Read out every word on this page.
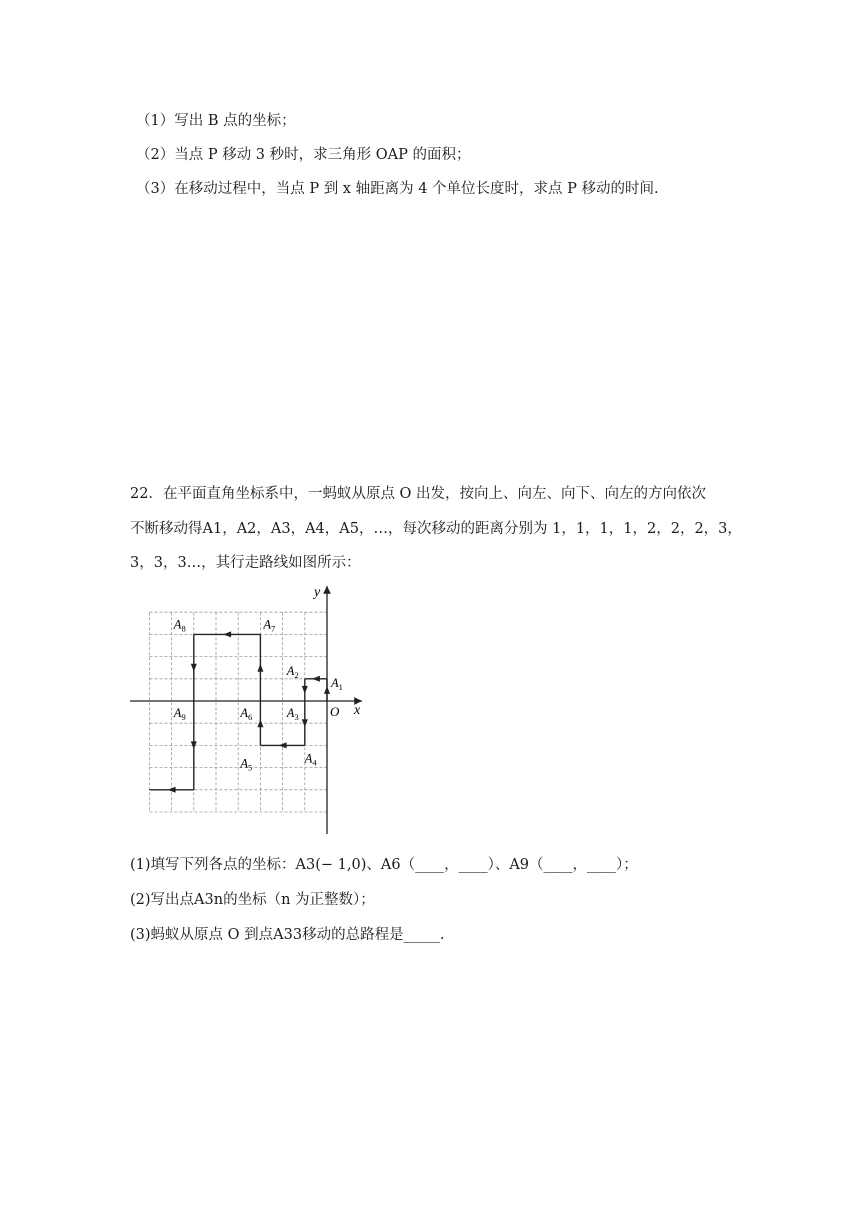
（1）写出 B 点的坐标；
（2）当点 P 移动 3 秒时，求三角形 OAP 的面积；
（3）在移动过程中，当点 P 到 x 轴距离为 4 个单位长度时，求点 P 移动的时间.
22．在平面直角坐标系中，一蚂蚁从原点 O 出发，按向上、向左、向下、向左的方向依次
不断移动得A1，A2，A3，A4，A5，…，每次移动的距离分别为 1，1，1，1，2，2，2，3，
3，3，3…，其行走路线如图所示：
x
y
O
$A_1$
$A_2$
$A_3$
$A_4$
$A_5$
$A_6$
$A_7$
$A_8$
$A_9$
(1)填写下列各点的坐标：A3(− 1,0)、A6（____，____）、A9（____，____）；
(2)写出点A3n的坐标（n 为正整数）；
(3)蚂蚁从原点 O 到点A33移动的总路程是_____.
